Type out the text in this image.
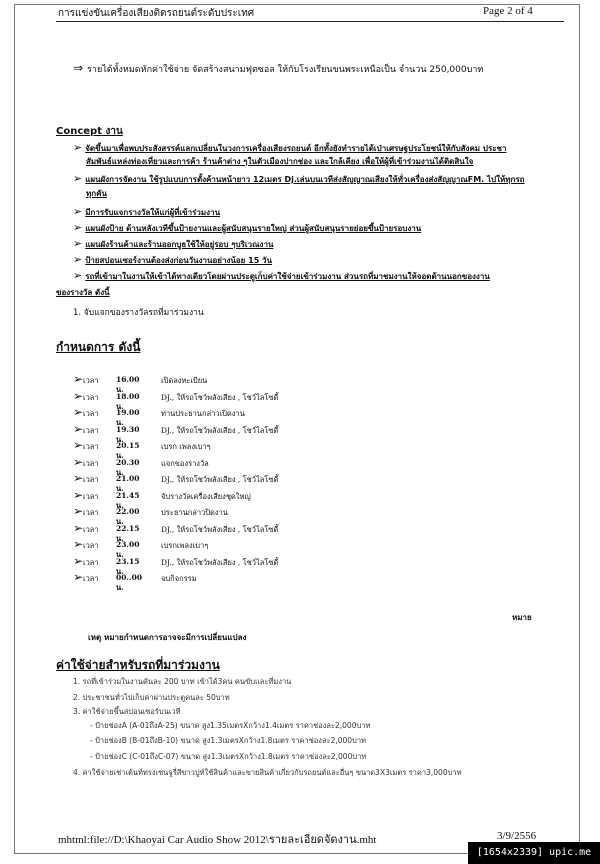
การแข่งขันเครื่องเสียงติดรถยนต์ระดับประเทศ	Page 2 of 4
⇒ รายได้ทั้งหมดหักค่าใช้จ่าย จัดสร้างสนามฟุตซอล ให้กับโรงเรียนขนพระเหนือเป็น จำนวน 250,000บาท
Concept งาน
➢ จัดขึ้นมาเพื่อพบประสังสรรค์แลกเปลี่ยนในวงการเครื่องเสียงรถยนต์ อีกทั้งยังทำรายได้เป่าเศรษฐประโยชน์ให้กับสังคม ประชา
สัมพันธ์แหล่งท่องเที่ยวและการค้า ร้านค้าต่าง ๆในตัวเมืองปากช่อง และใกล้เคียง เพื่อให้ผู้ที่เข้าร่วมงานได้ติดสินใจ
➢ แผนผังการจัดงาน ใช้รูปแบบการตั้งค้านหน้ายาว 12เมตร Dj.เล่นบนเวทีส่งสัญญาณเสียงให้ทั่วเครื่องส่งสัญญาณFM. ไปให้ทุกรถ
ทุกคัน
➢ มีการรับแจกรางวัลให้แก่ผู้ที่เข้าร่วมงาน
➢ แผนผังป้าย ด้านหลังเวทีขึ้นป้ายงานและผู้สนับสนุนรายใหญ่ ส่วนผู้สนับสนุนรายย่อยขึ้นป้ายรอบงาน
➢ แผนผังร้านค้าและร้านออกบูธใช้ให้อยู่รอบ ๆบริเวณงาน
➢ ป้ายสปอนเซอร์งานต้องส่งก่อนวันงานอย่างน้อย 15 วัน
➢ รถที่เข้ามาในงานให้เข้าได้ทางเดียวโดยผ่านประตูเก็บค่าใช้จ่ายเข้าร่วมงาน ส่วนรถที่มาชมงานให้จอดด้านนอกของงาน
ของรางวัล ดังนี้
1. จับแจกของรางวัลรถที่มาร่วมงาน
กำหนดการ ดังนี้
➢ เวลา 16.00 น.
เปิดลงทะเบียน
➢ เวลา 18.00 น.
DJ., ให้รถโชว์พลังเสียง , โชว์ไลโซดี้
➢ เวลา 19.00 น.
ท่านประธานกล่าวเปิดงาน
➢ เวลา 19.30 น.
DJ., ให้รถโชว์พลังเสียง , โชว์ไลโซดี้
➢ เวลา 20.15 น.
เบรก เพลงเบาๆ
➢ เวลา 20.30 น.
แจกของรางวัล
➢ เวลา 21.00 น.
DJ., ให้รถโชว์พลังเสียง , โชว์ไลโซดี้
➢ เวลา 21.45 น.
จับรางวัลเครื่องเสียงชุดใหญ่
➢ เวลา 22.00 น.
ประธานกล่าวปิดงาน
➢ เวลา 22.15 น.
DJ., ให้รถโชว์พลังเสียง , โชว์ไลโซดี้
➢ เวลา 23.00 น.
เบรกเพลงเบาๆ
➢ เวลา 23.15 น.
DJ., ให้รถโชว์พลังเสียง , โชว์ไลโซดี้
➢ เวลา 00..00 น.
จบกิจกรรม
หมาย
เหตุ หมายกำหนดการอาจจะมีการเปลี่ยนแปลง
ค่าใช้จ่ายสำหรับรถที่มาร่วมงาน
1. รถที่เข้าร่วมในงานคันละ 200 บาท เข้าได้3คน คนขับและที่มงาน
2. ประชาชนทั่วไปเก็บค่าผ่านประตูคนละ 50บาท
3. ค่าใช้จ่ายขึ้นสปอนเซอร์บนเวที
- ป้ายช่องA (A-01ถึงA-25) ขนาด สูง1.35เมตรXกว้าง1.4เมตร ราคาช่องละ2,000บาท
- ป้ายช่องB (B-01ถึงB-10) ขนาด สูง1.3เมตรXกว้าง1.8เมตร ราคาช่องละ2,000บาท
- ป้ายช่องC (C-01ถึงC-07) ขนาด สูง1.3เมตรXกว้าง1.8เมตร ราคาช่องละ2,000บาท
4. ค่าใช้จ่ายเช่าเต้นท์ทรงเซนจูรี่สีขาวปูท์ใช้สินค้าและขายสินค้าเกี่ยวกับรถยนต์และอื่นๆ ขนาด3X3เมตร ราคา3,000บาท
mhtml:file://D:\Khaoyai Car Audio Show 2012\รายละเอียดจัดงาน.mht	3/9/2556
[1654x2339] upic.me
